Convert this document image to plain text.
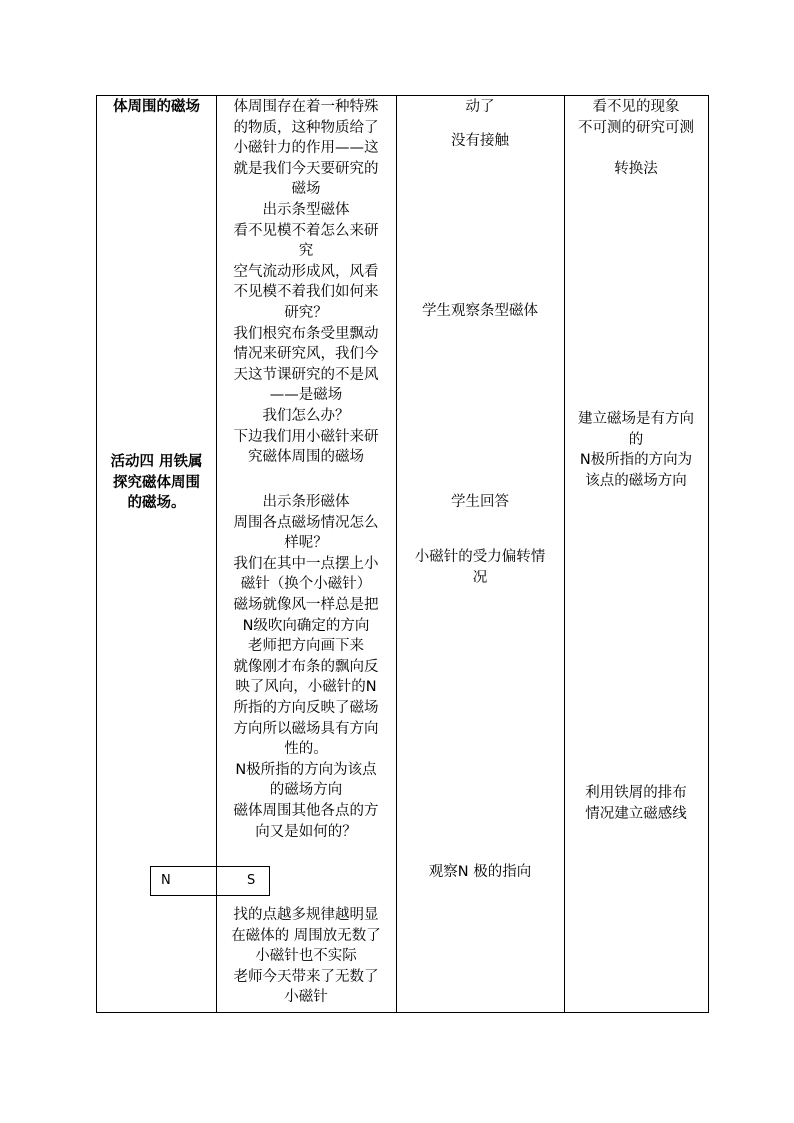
体周围的磁场

活动四 用铁属

探究磁体周围

的磁场。

体周围存在着一种特殊

的物质，这种物质给了

小磁针力的作用——这

就是我们今天要研究的

磁场

出示条型磁体

看不见模不着怎么来研

究

空气流动形成风，风看

不见模不着我们如何来

研究？

我们根究布条受里飘动

情况来研究风，我们今

天这节课研究的不是风

——是磁场

我们怎么办？

下边我们用小磁针来研

究磁体周围的磁场

出示条形磁体

周围各点磁场情况怎么

样呢？

我们在其中一点摆上小

磁针（换个小磁针）

磁场就像风一样总是把

N级吹向确定的方向

老师把方向画下来

就像刚才布条的飘向反

映了风向，小磁针的N

所指的方向反映了磁场

方向所以磁场具有方向

性的。

N极所指的方向为该点

的磁场方向

磁体周围其他各点的方

向又是如何的？

找的点越多规律越明显

在磁体的 周围放无数了

小磁针也不实际

老师今天带来了无数了

小磁针

动了

没有接触

学生观察条型磁体

学生回答

小磁针的受力偏转情

况

观察N 极的指向

看不见的现象

不可测的研究可测

转换法

建立磁场是有方向

的

N极所指的方向为

该点的磁场方向

利用铁屑的排布

情况建立磁感线

N	S
